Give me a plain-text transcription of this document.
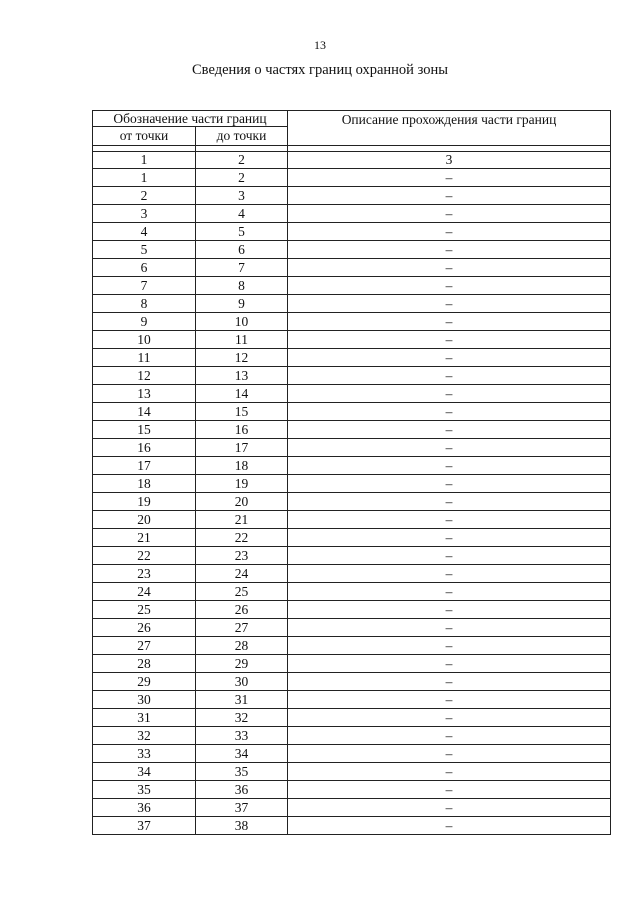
13
Сведения о частях границ охранной зоны
Обозначение части границ		Описание прохождения части границ
от точки	до точки	

1	2	3
1	2	–
2	3	–
3	4	–
4	5	–
5	6	–
6	7	–
7	8	–
8	9	–
9	10	–
10	11	–
11	12	–
12	13	–
13	14	–
14	15	–
15	16	–
16	17	–
17	18	–
18	19	–
19	20	–
20	21	–
21	22	–
22	23	–
23	24	–
24	25	–
25	26	–
26	27	–
27	28	–
28	29	–
29	30	–
30	31	–
31	32	–
32	33	–
33	34	–
34	35	–
35	36	–
36	37	–
37	38	–
